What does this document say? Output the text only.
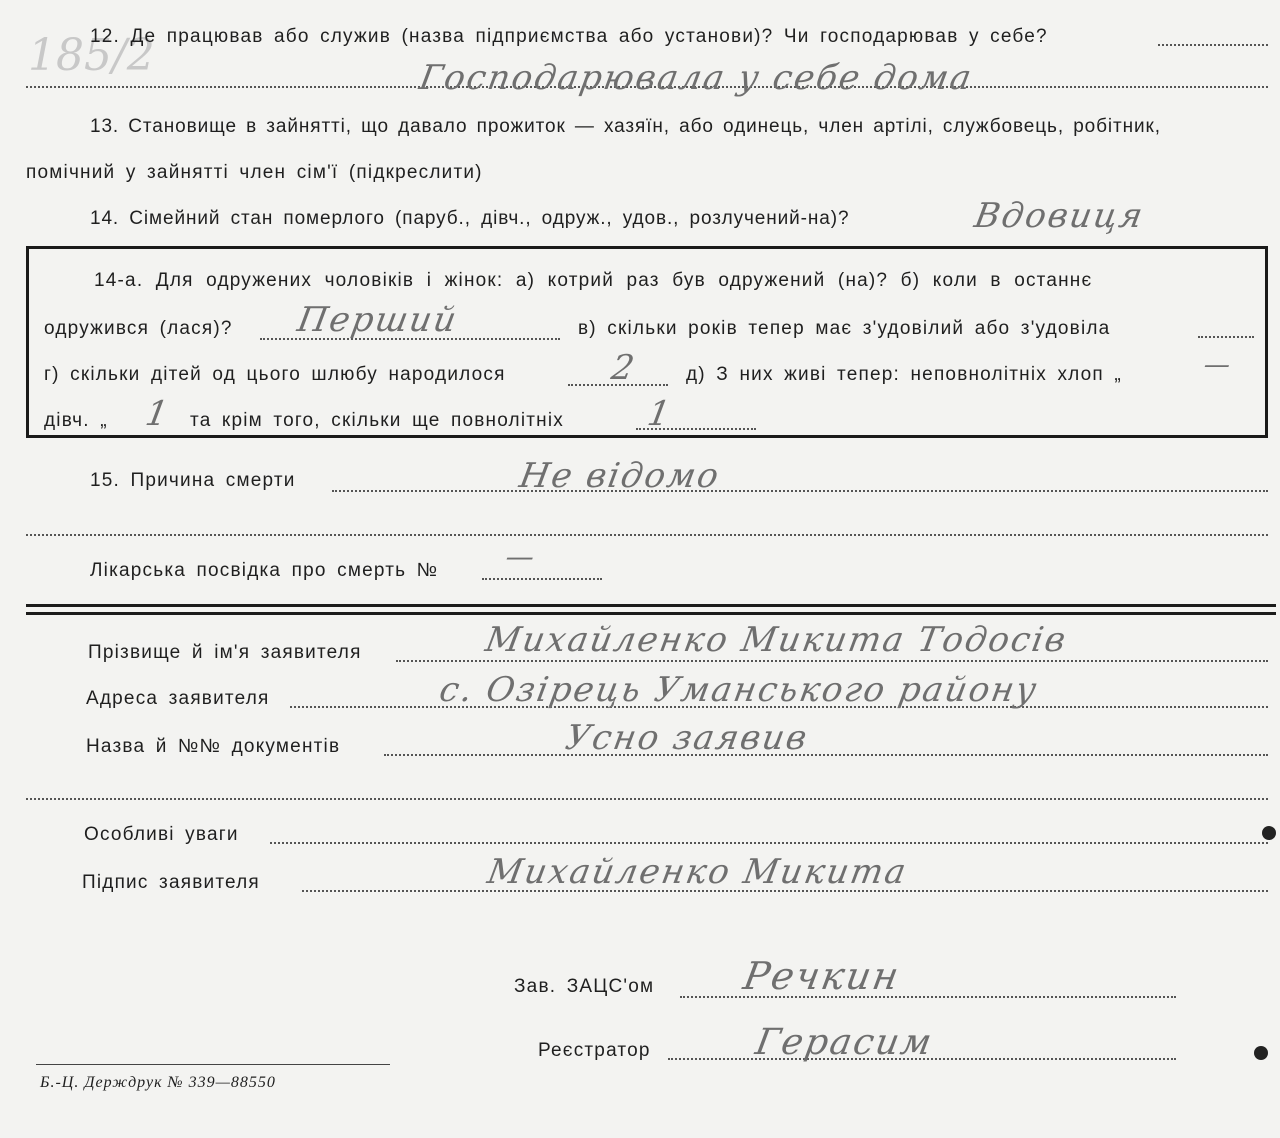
185/2
12. Де працював або служив (назва підприємства або установи)? Чи господарював у себе?
Господарювала у себе дома
13. Становище в зайнятті, що давало прожиток — хазяїн, або одинець, член артілі, службовець, робітник,
помічний у зайнятті член сім'ї (підкреслити)
14. Сімейний стан померлого (паруб., дівч., одруж., удов., розлучений-на)?	Вдовиця
14-а. Для одружених чоловіків і жінок: а) котрий раз був одружений (на)? б) коли в останнє
одружився (лася)? Перший	в) скільки років тепер має з'удовілий або з'удовіла
г) скільки дітей од цього шлюбу народилося	2 д) З них живі тепер: неповнолітніх хлоп „	—
дівч. „ 1 та крім того, скільки ще повнолітніх 1
15. Причина смерти	Не відомо
Лікарська посвідка про смерть № —
Прізвище й ім'я заявителя	Михайленко Микита Тодосів
Адреса заявителя	с. Озірець Уманського району
Назва й №№ документів	Усно заявив
Особливі уваги
Підпис заявителя	Михайленко Микита
Зав. ЗАЦС'ом Речкин
Реєстратор	Герасим
Б.-Ц. Держдрук № 339—88550
